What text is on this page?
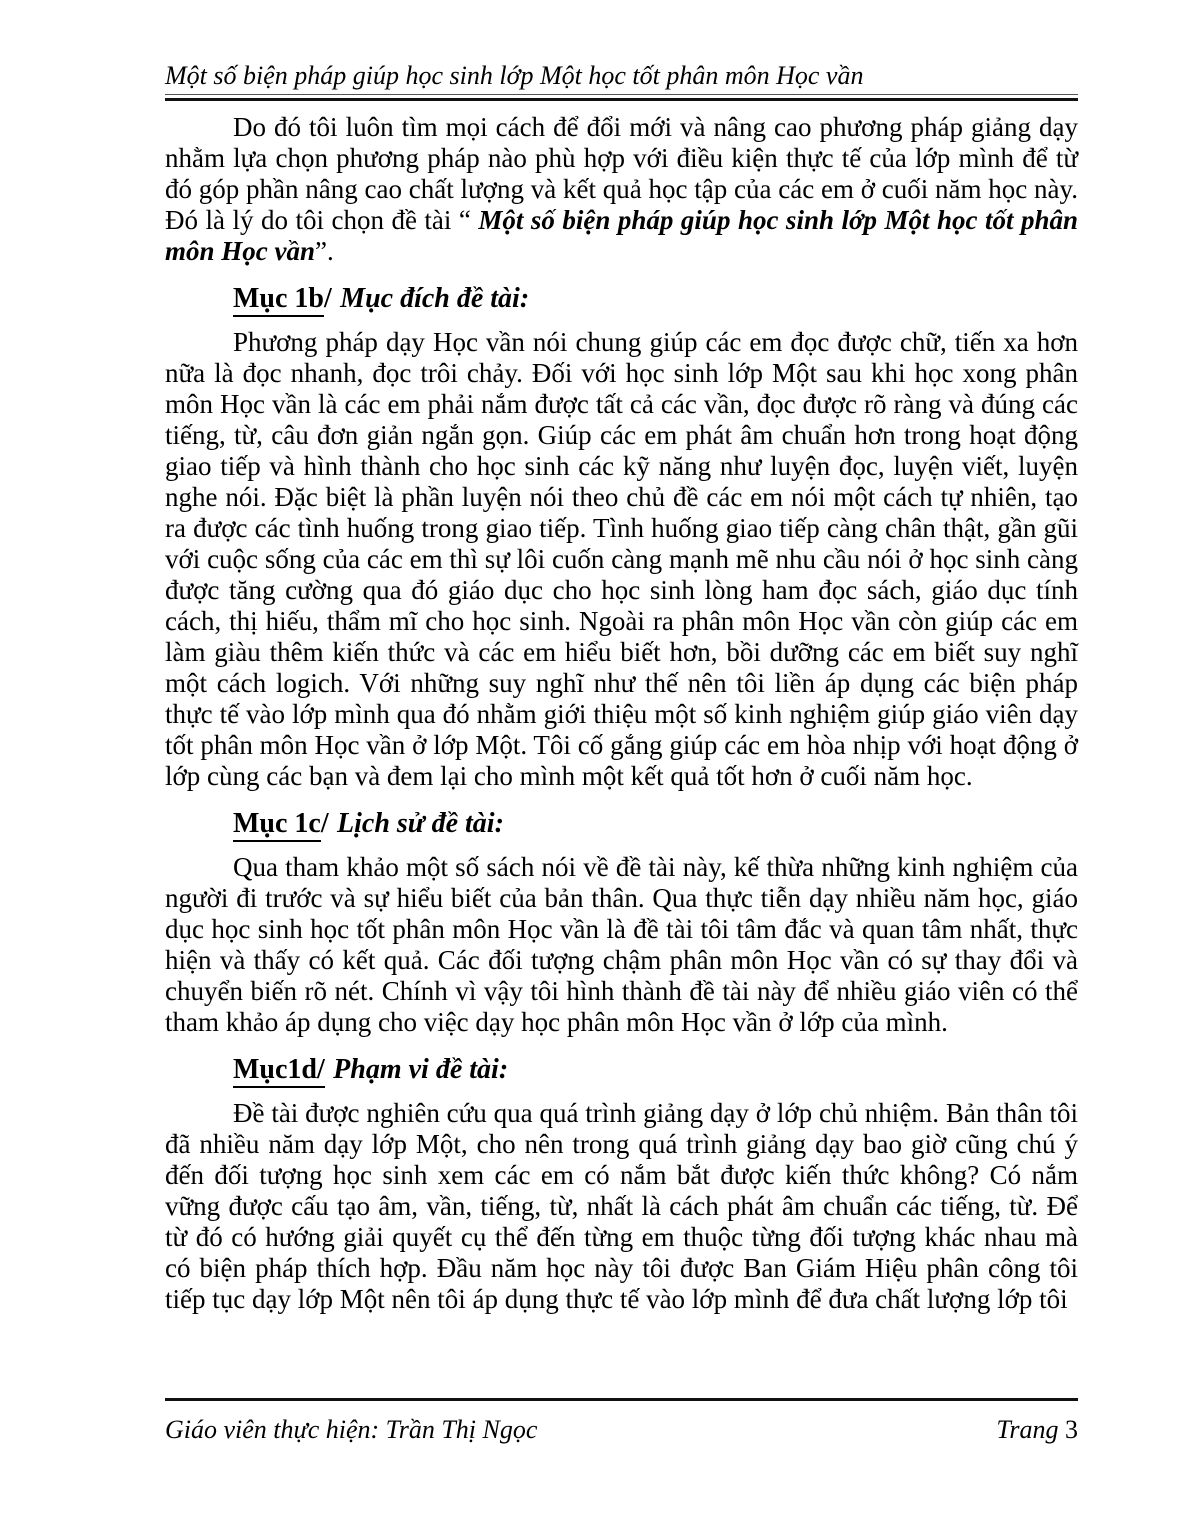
Một số biện pháp giúp học sinh lớp Một học tốt phân môn Học vần

Do đó tôi luôn tìm mọi cách để đổi mới và nâng cao phương pháp giảng dạy nhằm lựa chọn phương pháp nào phù hợp với điều kiện thực tế của lớp mình để từ đó góp phần nâng cao chất lượng và kết quả học tập của các em ở cuối năm học này. Đó là lý do tôi chọn đề tài “ Một số biện pháp giúp học sinh lớp Một học tốt phân môn Học vần”.

Mục 1b/ Mục đích đề tài:

Phương pháp dạy Học vần nói chung giúp các em đọc được chữ, tiến xa hơn nữa là đọc nhanh, đọc trôi chảy. Đối với học sinh lớp Một sau khi học xong phân môn Học vần là các em phải nắm được tất cả các vần, đọc được rõ ràng và đúng các tiếng, từ, câu đơn giản ngắn gọn. Giúp các em phát âm chuẩn hơn trong hoạt động giao tiếp và hình thành cho học sinh các kỹ năng như luyện đọc, luyện viết, luyện nghe nói. Đặc biệt là phần luyện nói theo chủ đề các em nói một cách tự nhiên, tạo ra được các tình huống trong giao tiếp. Tình huống giao tiếp càng chân thật, gần gũi với cuộc sống của các em thì sự lôi cuốn càng mạnh mẽ nhu cầu nói ở học sinh càng được tăng cường qua đó giáo dục cho học sinh lòng ham đọc sách, giáo dục tính cách, thị hiếu, thẩm mĩ cho học sinh. Ngoài ra phân môn Học vần còn giúp các em làm giàu thêm kiến thức và các em hiểu biết hơn, bồi dưỡng các em biết suy nghĩ một cách logich. Với những suy nghĩ như thế nên tôi liền áp dụng các biện pháp thực tế vào lớp mình qua đó nhằm giới thiệu một số kinh nghiệm giúp giáo viên dạy tốt phân môn Học vần ở lớp Một. Tôi cố gắng giúp các em hòa nhịp với hoạt động ở lớp cùng các bạn và đem lại cho mình một kết quả tốt hơn ở cuối năm học.

Mục 1c/ Lịch sử đề tài:

Qua tham khảo một số sách nói về đề tài này, kế thừa những kinh nghiệm của người đi trước và sự hiểu biết của bản thân. Qua thực tiễn dạy nhiều năm học, giáo dục học sinh học tốt phân môn Học vần là đề tài tôi tâm đắc và quan tâm nhất, thực hiện và thấy có kết quả. Các đối tượng chậm phân môn Học vần có sự thay đổi và chuyển biến rõ nét. Chính vì vậy tôi hình thành đề tài này để nhiều giáo viên có thể tham khảo áp dụng cho việc dạy học phân môn Học vần ở lớp của mình.

Mục1d/ Phạm vi đề tài:

Đề tài được nghiên cứu qua quá trình giảng dạy ở lớp chủ nhiệm. Bản thân tôi đã nhiều năm dạy lớp Một, cho nên trong quá trình giảng dạy bao giờ cũng chú ý đến đối tượng học sinh xem các em có nắm bắt được kiến thức không? Có nắm vững được cấu tạo âm, vần, tiếng, từ, nhất là cách phát âm chuẩn các tiếng, từ. Để từ đó có hướng giải quyết cụ thể đến từng em thuộc từng đối tượng khác nhau mà có biện pháp thích hợp. Đầu năm học này tôi được Ban Giám Hiệu phân công tôi tiếp tục dạy lớp Một nên tôi áp dụng thực tế vào lớp mình để đưa chất lượng lớp tôi

Giáo viên thực hiện: Trần Thị Ngọc	Trang 3
